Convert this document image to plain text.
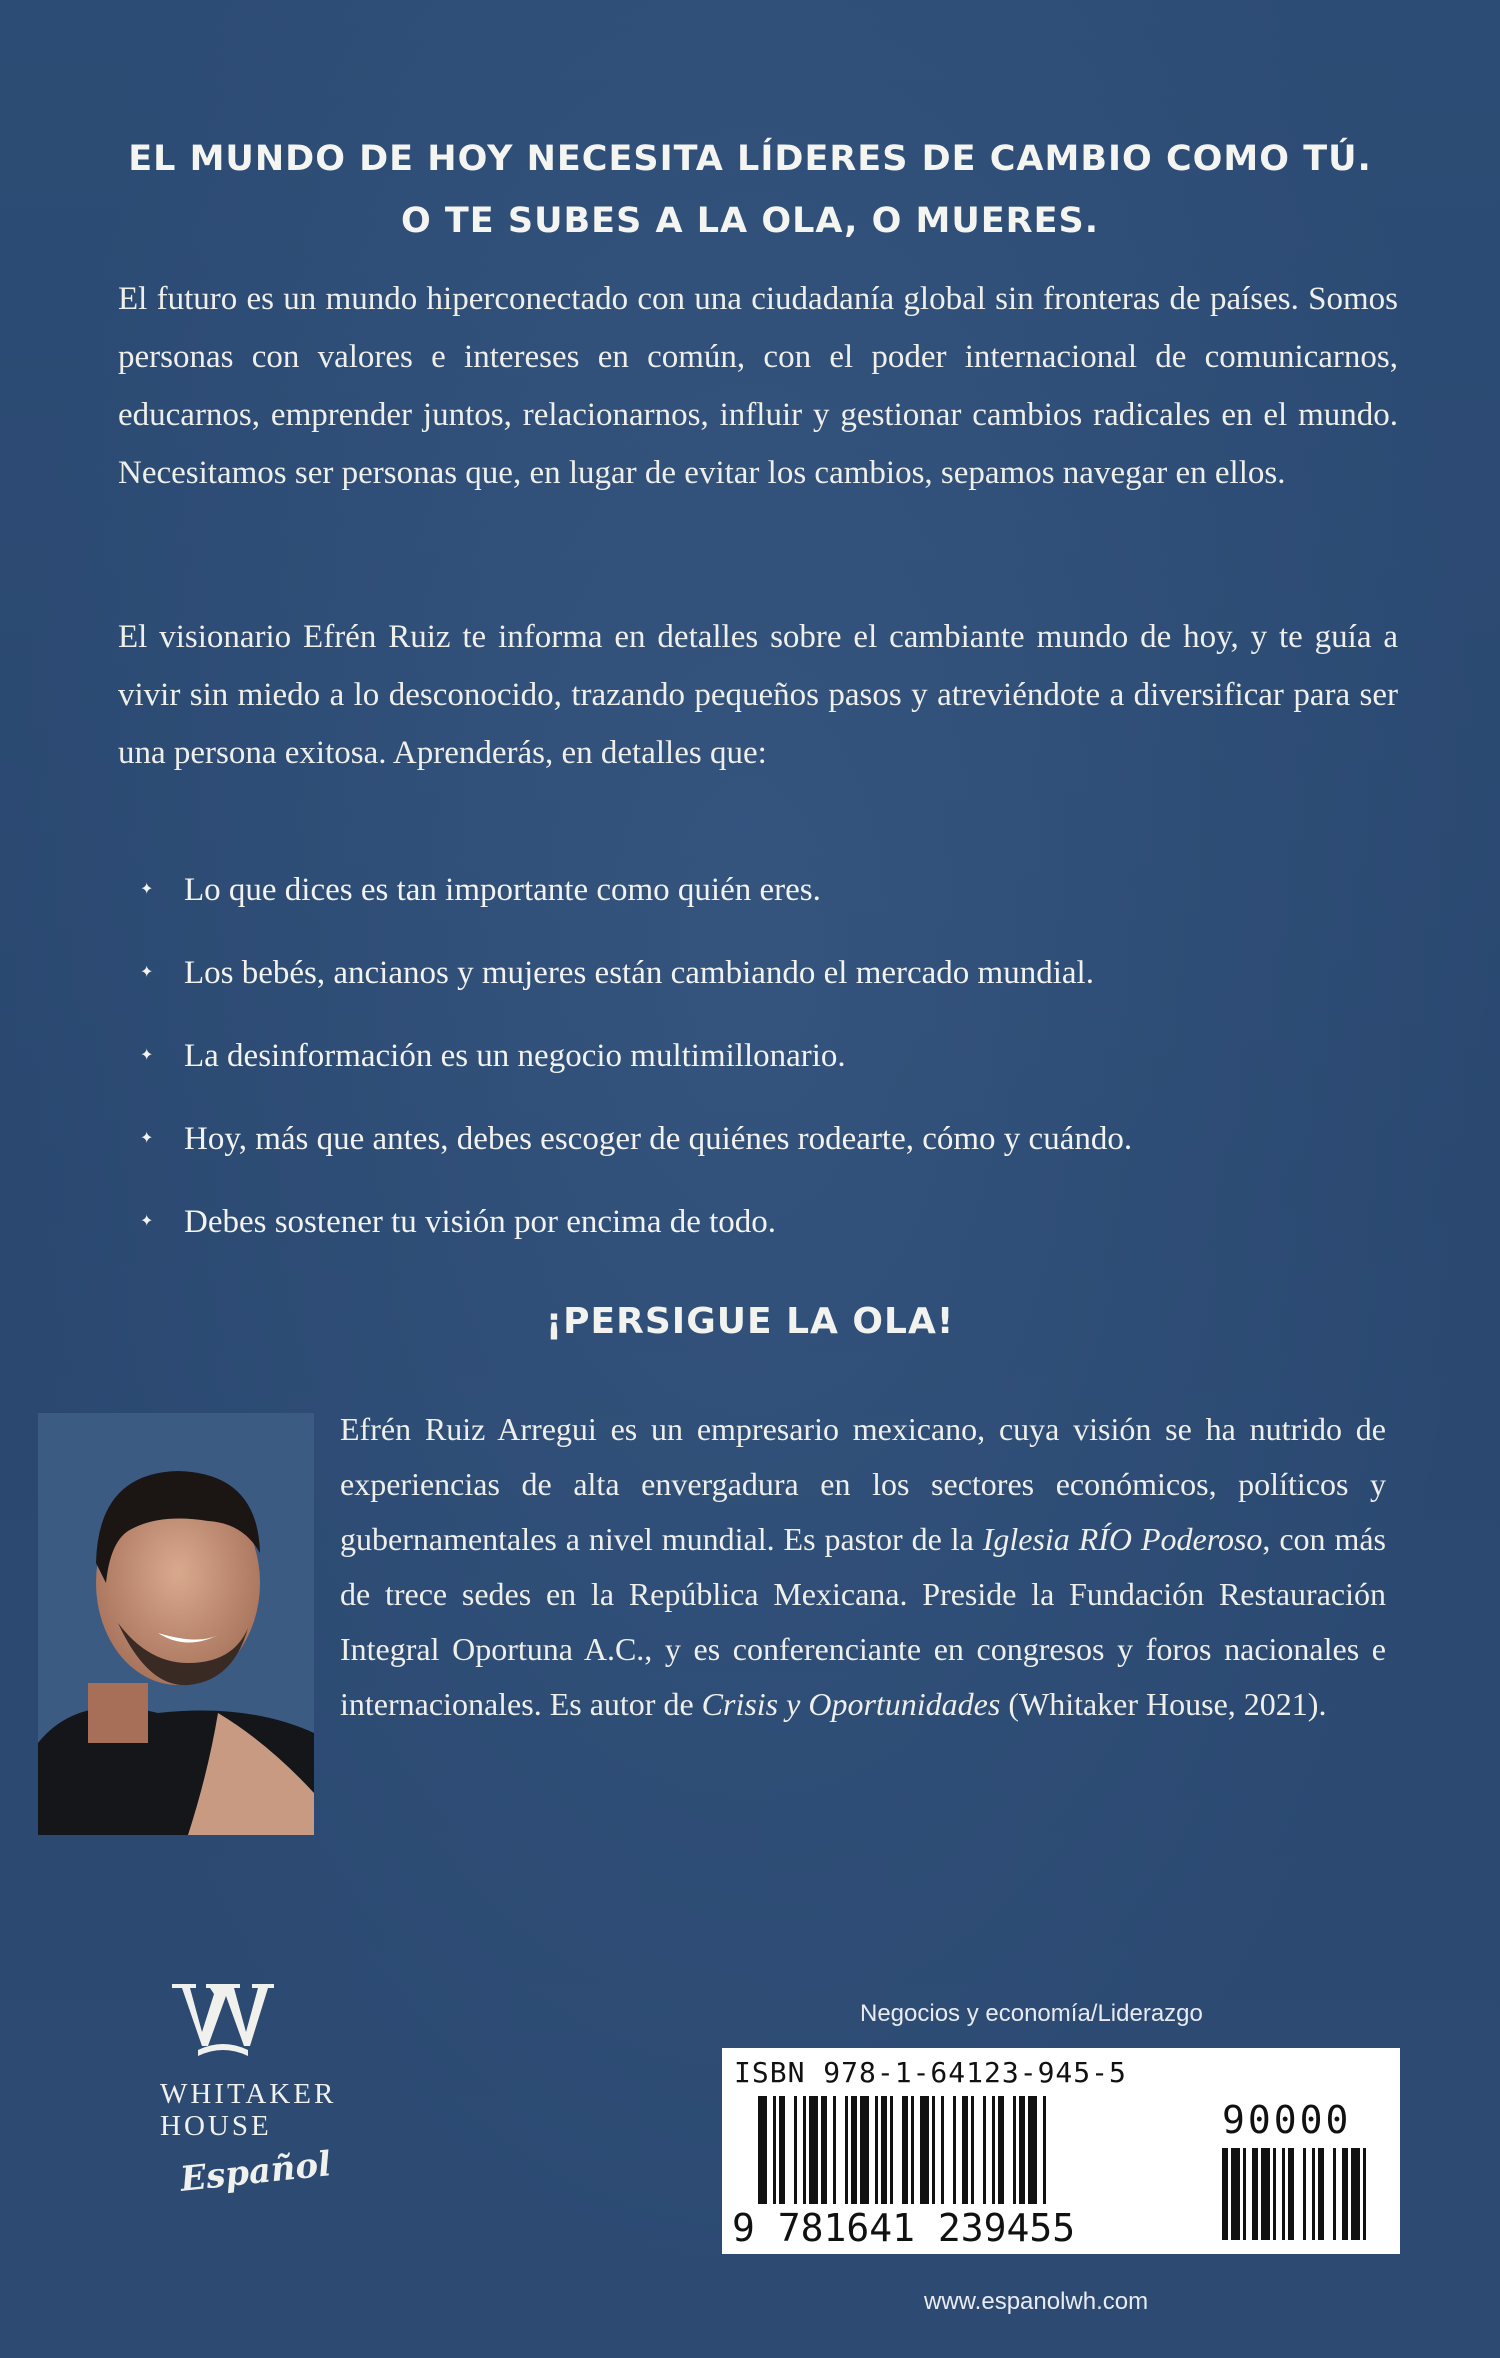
EL MUNDO DE HOY NECESITA LÍDERES DE CAMBIO COMO TÚ.
O TE SUBES A LA OLA, O MUERES.
El futuro es un mundo hiperconectado con una ciudadanía global sin fronteras de países. Somos personas con valores e intereses en común, con el poder internacional de comunicarnos, educarnos, emprender juntos, relacionarnos, influir y gestionar cambios radicales en el mundo. Necesitamos ser personas que, en lugar de evitar los cambios, sepamos navegar en ellos.
El visionario Efrén Ruiz te informa en detalles sobre el cambiante mundo de hoy, y te guía a vivir sin miedo a lo desconocido, trazando pequeños pasos y atreviéndote a diversificar para ser una persona exitosa. Aprenderás, en detalles que:
✦ Lo que dices es tan importante como quién eres.
✦ Los bebés, ancianos y mujeres están cambiando el mercado mundial.
✦ La desinformación es un negocio multimillonario.
✦ Hoy, más que antes, debes escoger de quiénes rodearte, cómo y cuándo.
✦ Debes sostener tu visión por encima de todo.
¡PERSIGUE LA OLA!
Efrén Ruiz Arregui es un empresario mexicano, cuya visión se ha nutrido de experiencias de alta envergadura en los sectores económicos, políticos y gubernamentales a nivel mundial. Es pastor de la Iglesia RÍO Poderoso, con más de trece sedes en la República Mexicana. Preside la Fundación Restauración Integral Oportuna A.C., y es conferenciante en congresos y foros nacionales e internacionales. Es autor de Crisis y Oportunidades (Whitaker House, 2021).
WHITAKER
HOUSE
Español
Negocios y economía/Liderazgo
ISBN 978-1-64123-945-5
90000
9 781641 239455
www.espanolwh.com
